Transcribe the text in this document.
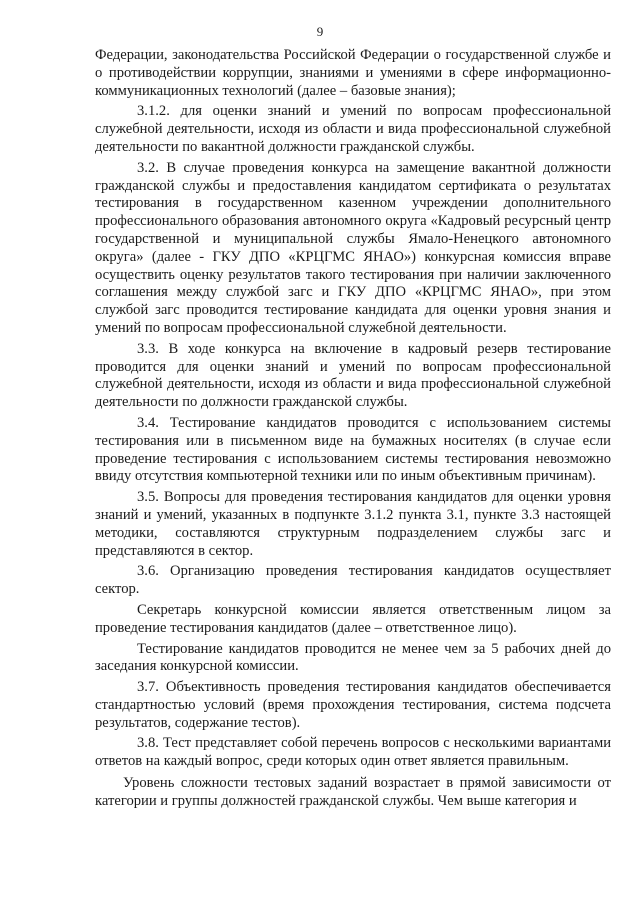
9

Федерации, законодательства Российской Федерации о государственной службе и о противодействии коррупции, знаниями и умениями в сфере информационно-коммуникационных технологий (далее – базовые знания);

3.1.2. для оценки знаний и умений по вопросам профессиональной служебной деятельности, исходя из области и вида профессиональной служебной деятельности по вакантной должности гражданской службы.

3.2. В случае проведения конкурса на замещение вакантной должности гражданской службы и предоставления кандидатом сертификата о результатах тестирования в государственном казенном учреждении дополнительного профессионального образования автономного округа «Кадровый ресурсный центр государственной и муниципальной службы Ямало-Ненецкого автономного округа» (далее - ГКУ ДПО «КРЦГМС ЯНАО») конкурсная комиссия вправе осуществить оценку результатов такого тестирования при наличии заключенного соглашения между службой загс и ГКУ ДПО «КРЦГМС ЯНАО», при этом службой загс проводится тестирование кандидата для оценки уровня знания и умений по вопросам профессиональной служебной деятельности.

3.3. В ходе конкурса на включение в кадровый резерв тестирование проводится для оценки знаний и умений по вопросам профессиональной служебной деятельности, исходя из области и вида профессиональной служебной деятельности по должности гражданской службы.

3.4. Тестирование кандидатов проводится с использованием системы тестирования или в письменном виде на бумажных носителях (в случае если проведение тестирования с использованием системы тестирования невозможно ввиду отсутствия компьютерной техники или по иным объективным причинам).

3.5. Вопросы для проведения тестирования кандидатов для оценки уровня знаний и умений, указанных в подпункте 3.1.2 пункта 3.1, пункте 3.3 настоящей методики, составляются структурным подразделением службы загс и представляются в сектор.

3.6. Организацию проведения тестирования кандидатов осуществляет сектор.

Секретарь конкурсной комиссии является ответственным лицом за проведение тестирования кандидатов (далее – ответственное лицо).

Тестирование кандидатов проводится не менее чем за 5 рабочих дней до заседания конкурсной комиссии.

3.7. Объективность проведения тестирования кандидатов обеспечивается стандартностью условий (время прохождения тестирования, система подсчета результатов, содержание тестов).

3.8. Тест представляет собой перечень вопросов с несколькими вариантами ответов на каждый вопрос, среди которых один ответ является правильным.

Уровень сложности тестовых заданий возрастает в прямой зависимости от категории и группы должностей гражданской службы. Чем выше категория и
